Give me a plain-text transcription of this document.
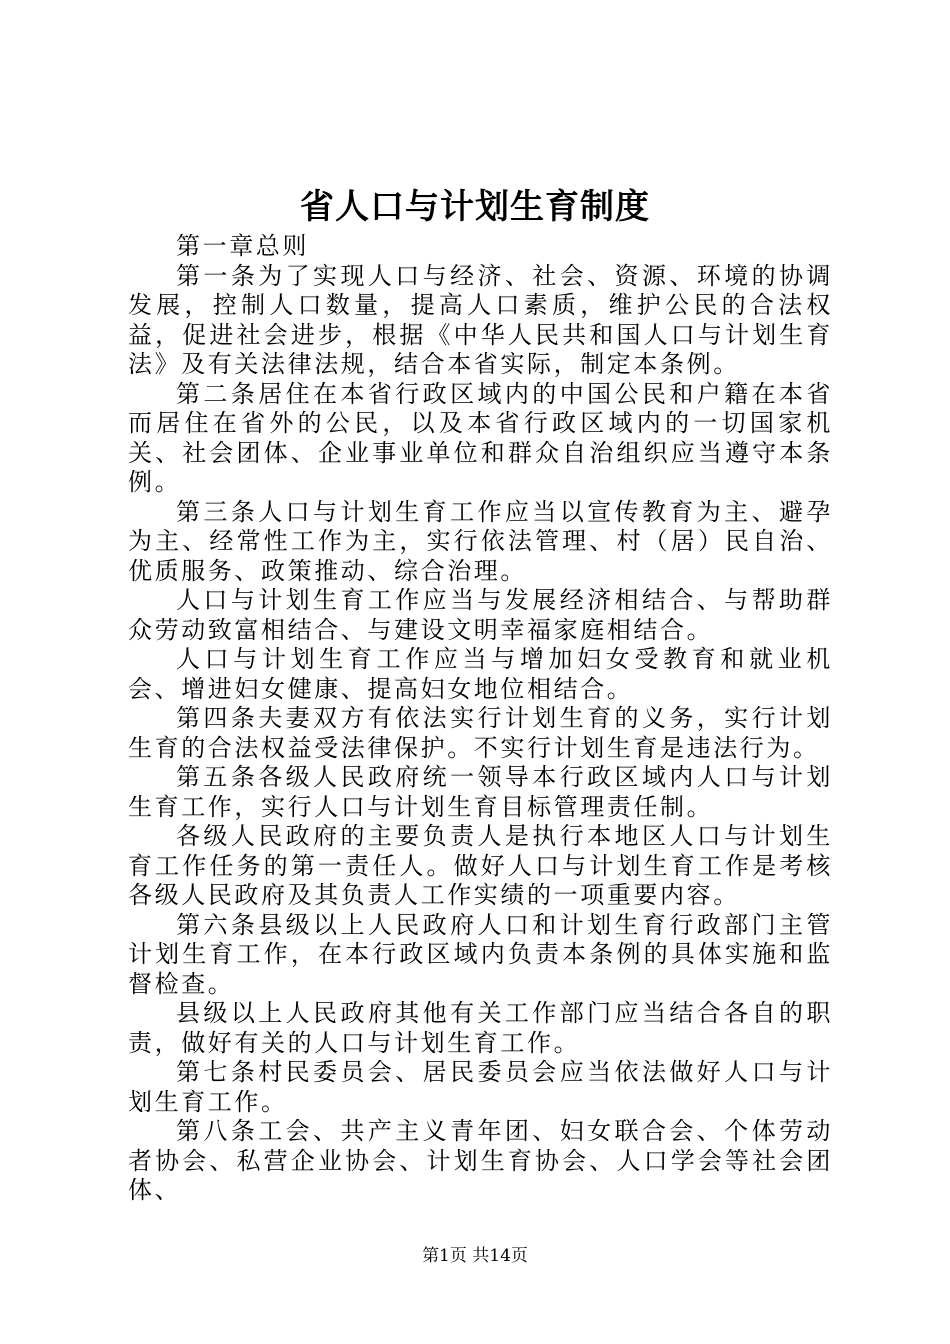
省人口与计划生育制度

第一章总则

第一条为了实现人口与经济、社会、资源、环境的协调发展，控制人口数量，提高人口素质，维护公民的合法权益，促进社会进步，根据《中华人民共和国人口与计划生育法》及有关法律法规，结合本省实际，制定本条例。

第二条居住在本省行政区域内的中国公民和户籍在本省而居住在省外的公民，以及本省行政区域内的一切国家机关、社会团体、企业事业单位和群众自治组织应当遵守本条例。

第三条人口与计划生育工作应当以宣传教育为主、避孕为主、经常性工作为主，实行依法管理、村（居）民自治、优质服务、政策推动、综合治理。

人口与计划生育工作应当与发展经济相结合、与帮助群众劳动致富相结合、与建设文明幸福家庭相结合。

人口与计划生育工作应当与增加妇女受教育和就业机会、增进妇女健康、提高妇女地位相结合。

第四条夫妻双方有依法实行计划生育的义务，实行计划生育的合法权益受法律保护。不实行计划生育是违法行为。

第五条各级人民政府统一领导本行政区域内人口与计划生育工作，实行人口与计划生育目标管理责任制。

各级人民政府的主要负责人是执行本地区人口与计划生育工作任务的第一责任人。做好人口与计划生育工作是考核各级人民政府及其负责人工作实绩的一项重要内容。

第六条县级以上人民政府人口和计划生育行政部门主管计划生育工作，在本行政区域内负责本条例的具体实施和监督检查。

县级以上人民政府其他有关工作部门应当结合各自的职责，做好有关的人口与计划生育工作。

第七条村民委员会、居民委员会应当依法做好人口与计划生育工作。

第八条工会、共产主义青年团、妇女联合会、个体劳动者协会、私营企业协会、计划生育协会、人口学会等社会团体、

第1页 共14页
